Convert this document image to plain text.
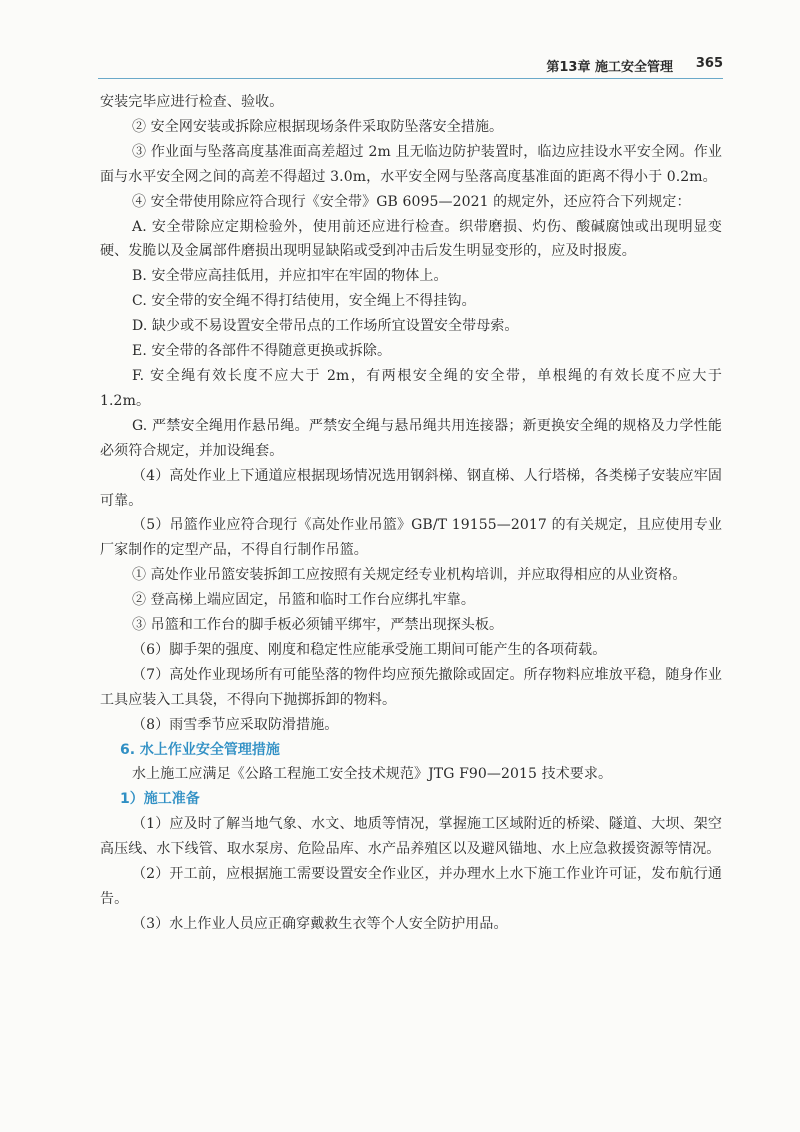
第13章 施工安全管理 365

安装完毕应进行检查、验收。

② 安全网安装或拆除应根据现场条件采取防坠落安全措施。

③ 作业面与坠落高度基准面高差超过 2m 且无临边防护装置时，临边应挂设水平安全网。作业面与水平安全网之间的高差不得超过 3.0m，水平安全网与坠落高度基准面的距离不得小于 0.2m。

④ 安全带使用除应符合现行《安全带》GB 6095—2021 的规定外，还应符合下列规定：

A. 安全带除应定期检验外，使用前还应进行检查。织带磨损、灼伤、酸碱腐蚀或出现明显变硬、发脆以及金属部件磨损出现明显缺陷或受到冲击后发生明显变形的，应及时报废。

B. 安全带应高挂低用，并应扣牢在牢固的物体上。

C. 安全带的安全绳不得打结使用，安全绳上不得挂钩。

D. 缺少或不易设置安全带吊点的工作场所宜设置安全带母索。

E. 安全带的各部件不得随意更换或拆除。

F. 安全绳有效长度不应大于 2m，有两根安全绳的安全带，单根绳的有效长度不应大于 1.2m。

G. 严禁安全绳用作悬吊绳。严禁安全绳与悬吊绳共用连接器；新更换安全绳的规格及力学性能必须符合规定，并加设绳套。

（4）高处作业上下通道应根据现场情况选用钢斜梯、钢直梯、人行塔梯，各类梯子安装应牢固可靠。

（5）吊篮作业应符合现行《高处作业吊篮》GB/T 19155—2017 的有关规定，且应使用专业厂家制作的定型产品，不得自行制作吊篮。

① 高处作业吊篮安装拆卸工应按照有关规定经专业机构培训，并应取得相应的从业资格。

② 登高梯上端应固定，吊篮和临时工作台应绑扎牢靠。

③ 吊篮和工作台的脚手板必须铺平绑牢，严禁出现探头板。

（6）脚手架的强度、刚度和稳定性应能承受施工期间可能产生的各项荷载。

（7）高处作业现场所有可能坠落的物件均应预先撤除或固定。所存物料应堆放平稳，随身作业工具应装入工具袋，不得向下抛掷拆卸的物料。

（8）雨雪季节应采取防滑措施。

6. 水上作业安全管理措施

水上施工应满足《公路工程施工安全技术规范》JTG F90—2015 技术要求。

1）施工准备

（1）应及时了解当地气象、水文、地质等情况，掌握施工区域附近的桥梁、隧道、大坝、架空高压线、水下线管、取水泵房、危险品库、水产品养殖区以及避风锚地、水上应急救援资源等情况。

（2）开工前，应根据施工需要设置安全作业区，并办理水上水下施工作业许可证，发布航行通告。

（3）水上作业人员应正确穿戴救生衣等个人安全防护用品。
